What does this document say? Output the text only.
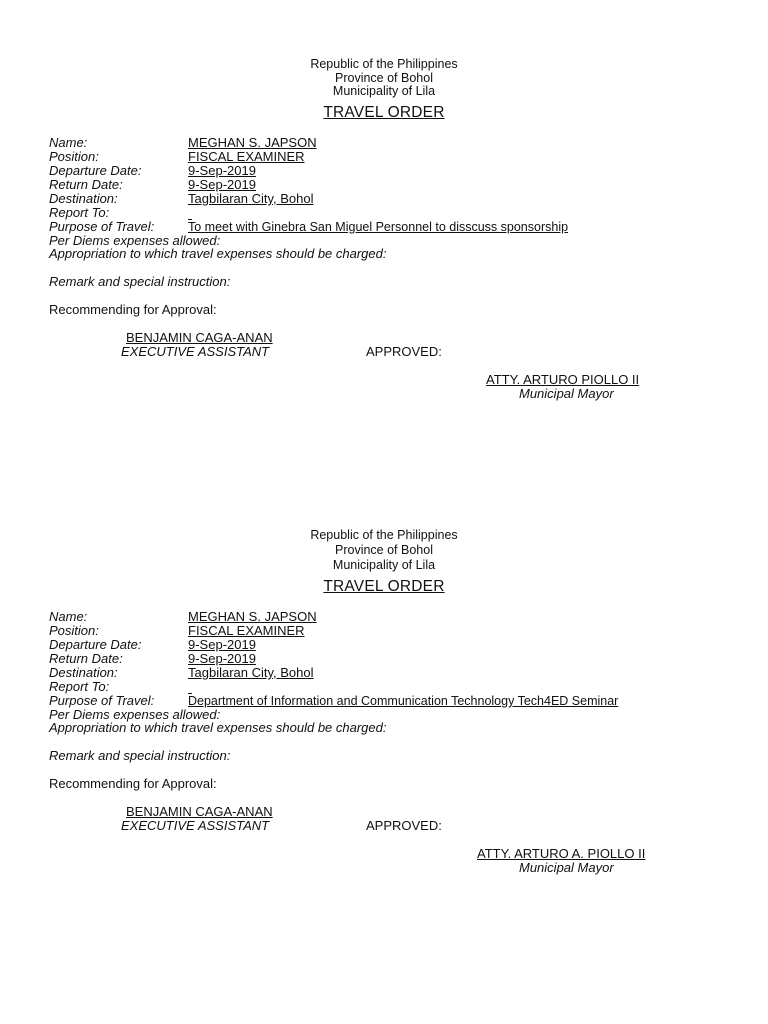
Republic of the Philippines
Province of Bohol
Municipality of Lila
TRAVEL ORDER
Name:	MEGHAN S. JAPSON
Position:	FISCAL EXAMINER
Departure Date:	9-Sep-2019
Return Date:	9-Sep-2019
Destination:	Tagbilaran City, Bohol
Report To:
Purpose of Travel:	To meet with Ginebra San Miguel Personnel to disscuss sponsorship
Per Diems expenses allowed:
Appropriation to which travel expenses should be charged:
Remark and special instruction:
Recommending for Approval:
BENJAMIN CAGA-ANAN
EXECUTIVE ASSISTANT	APPROVED:
ATTY. ARTURO PIOLLO II
Municipal Mayor
Republic of the Philippines
Province of Bohol
Municipality of Lila
TRAVEL ORDER
Name:	MEGHAN S. JAPSON
Position:	FISCAL EXAMINER
Departure Date:	9-Sep-2019
Return Date:	9-Sep-2019
Destination:	Tagbilaran City, Bohol
Report To:
Purpose of Travel:	Department of Information and Communication Technology Tech4ED Seminar
Per Diems expenses allowed:
Appropriation to which travel expenses should be charged:
Remark and special instruction:
Recommending for Approval:
BENJAMIN CAGA-ANAN
EXECUTIVE ASSISTANT	APPROVED:
ATTY. ARTURO A. PIOLLO II
Municipal Mayor
